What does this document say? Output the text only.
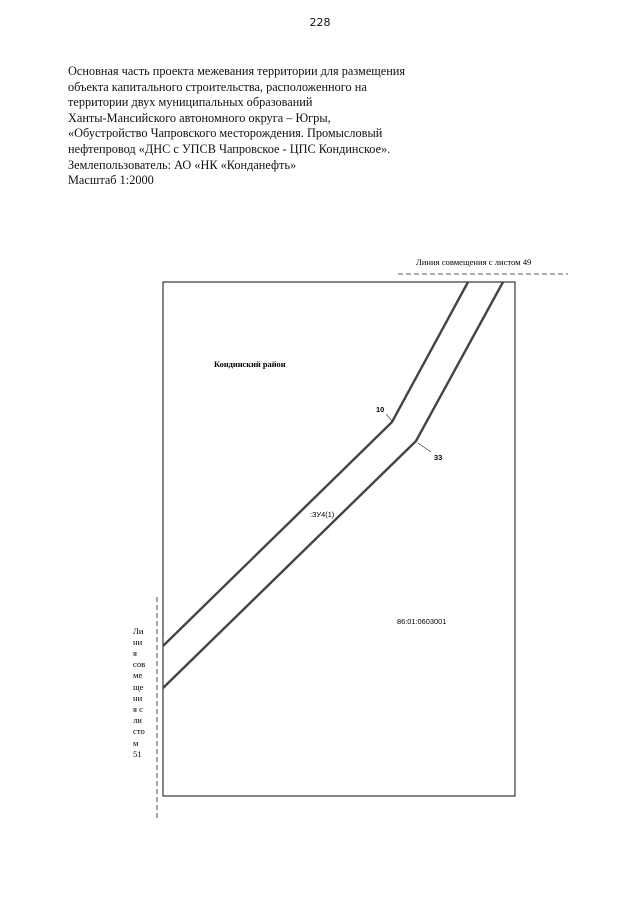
228
Основная часть проекта межевания территории для размещения
объекта капитального строительства, расположенного на
территории двух муниципальных образований
Ханты-Мансийского автономного округа – Югры,
«Обустройство Чапровского месторождения. Промысловый
нефтепровод «ДНС с УПСВ Чапровское - ЦПС Кондинское».
Землепользователь: АО «НК «Конданефть»
Масштаб 1:2000
Линия совмещения с листом 49
Ли
ни
я
сов
ме
ще
ни
я с
ли
сто
м
51
Кондинский район
10
33
:ЗУ4(1)
86:01:0603001
